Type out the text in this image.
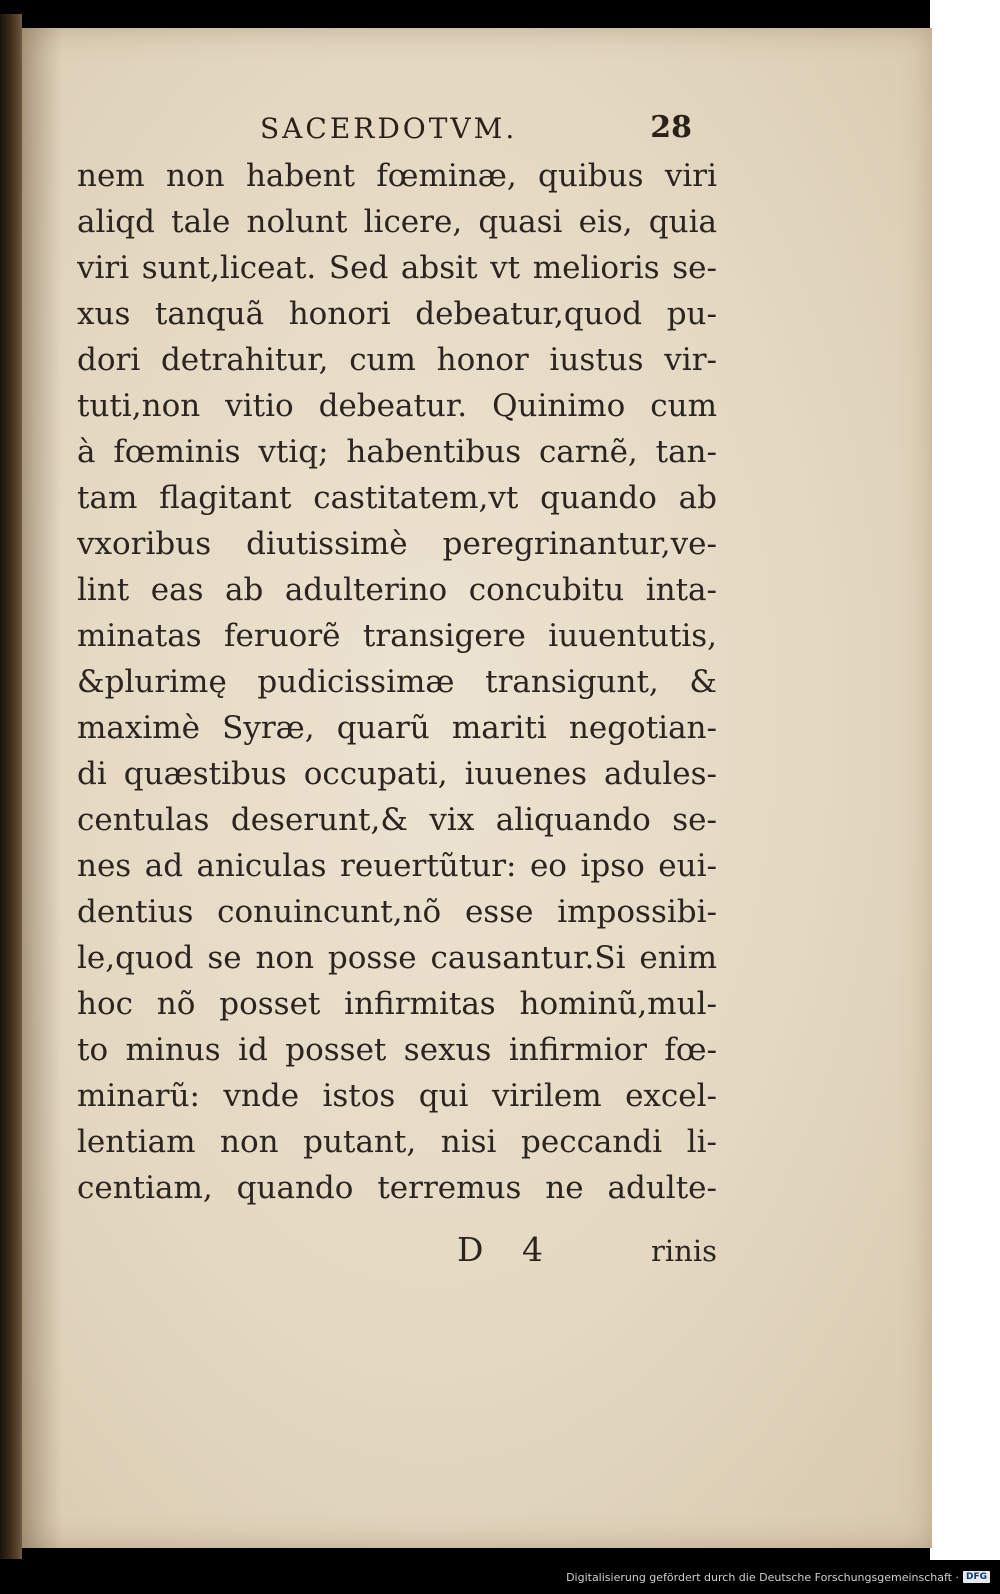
SACERDOTVM.	28
nem non habent fœminæ, quibus viri
aliqd tale nolunt licere, quasi eis, quia
viri sunt,liceat. Sed absit vt melioris se-
xus tanquã honori debeatur,quod pu-
dori detrahitur, cum honor iustus vir-
tuti,non vitio debeatur. Quinimo cum
à fœminis vtiq; habentibus carnẽ, tan-
tam flagitant castitatem,vt quando ab
vxoribus diutissimè peregrinantur,ve-
lint eas ab adulterino concubitu inta-
minatas feruorẽ transigere iuuentutis,
&plurimę pudicissimæ transigunt, &
maximè Syræ, quarũ mariti negotian-
di quæstibus occupati, iuuenes adules-
centulas deserunt,& vix aliquando se-
nes ad aniculas reuertũtur: eo ipso eui-
dentius conuincunt,nõ esse impossibi-
le,quod se non posse causantur.Si enim
hoc nõ posset infirmitas hominũ,mul-
to minus id posset sexus infirmior fœ-
minarũ: vnde istos qui virilem excel-
lentiam non putant, nisi peccandi li-
centiam, quando terremus ne adulte-
D 4	rinis
Digitalisierung gefördert durch die Deutsche Forschungsgemeinschaft · DFG
